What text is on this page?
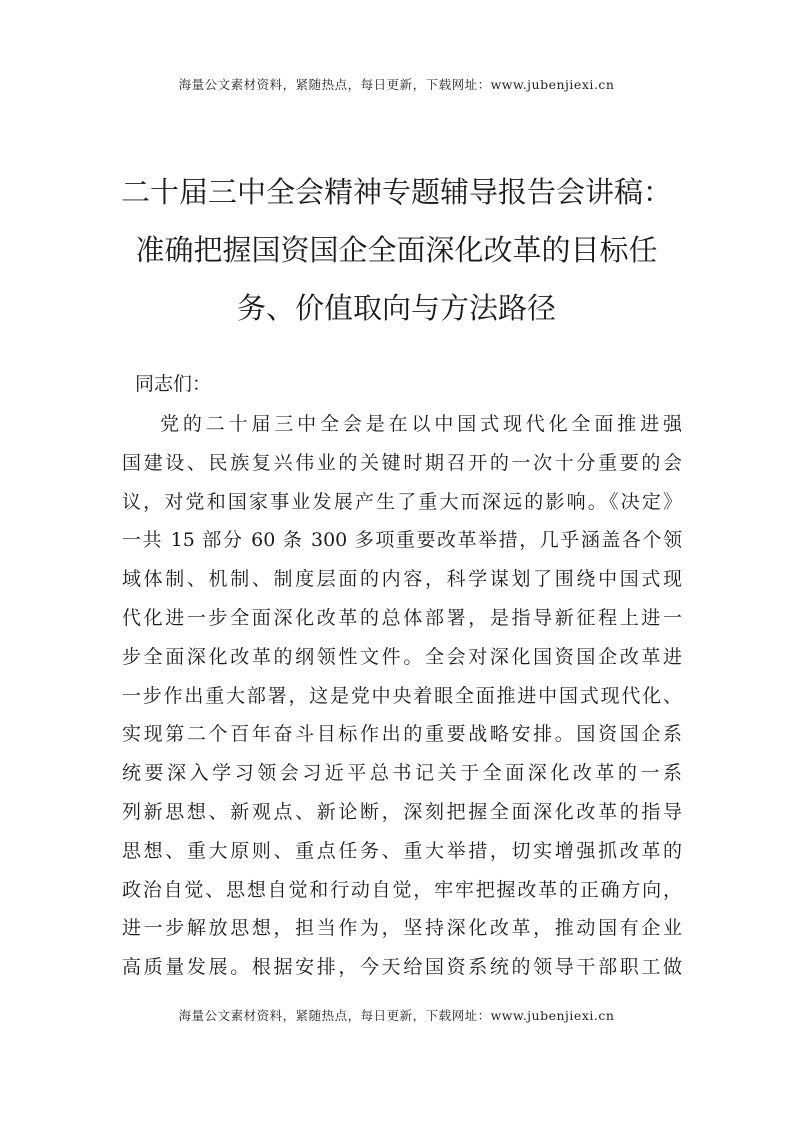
海量公文素材资料，紧随热点，每日更新，下载网址：www.jubenjiexi.cn
二十届三中全会精神专题辅导报告会讲稿：
准确把握国资国企全面深化改革的目标任
务、价值取向与方法路径
同志们：
党的二十届三中全会是在以中国式现代化全面推进强
国建设、民族复兴伟业的关键时期召开的一次十分重要的会
议，对党和国家事业发展产生了重大而深远的影响。《决定》
一共 15 部分 60 条 300 多项重要改革举措，几乎涵盖各个领
域体制、机制、制度层面的内容，科学谋划了围绕中国式现
代化进一步全面深化改革的总体部署，是指导新征程上进一
步全面深化改革的纲领性文件。全会对深化国资国企改革进
一步作出重大部署，这是党中央着眼全面推进中国式现代化、
实现第二个百年奋斗目标作出的重要战略安排。国资国企系
统要深入学习领会习近平总书记关于全面深化改革的一系
列新思想、新观点、新论断，深刻把握全面深化改革的指导
思想、重大原则、重点任务、重大举措，切实增强抓改革的
政治自觉、思想自觉和行动自觉，牢牢把握改革的正确方向，
进一步解放思想，担当作为，坚持深化改革，推动国有企业
高质量发展。根据安排，今天给国资系统的领导干部职工做
海量公文素材资料，紧随热点，每日更新，下载网址：www.jubenjiexi.cn
